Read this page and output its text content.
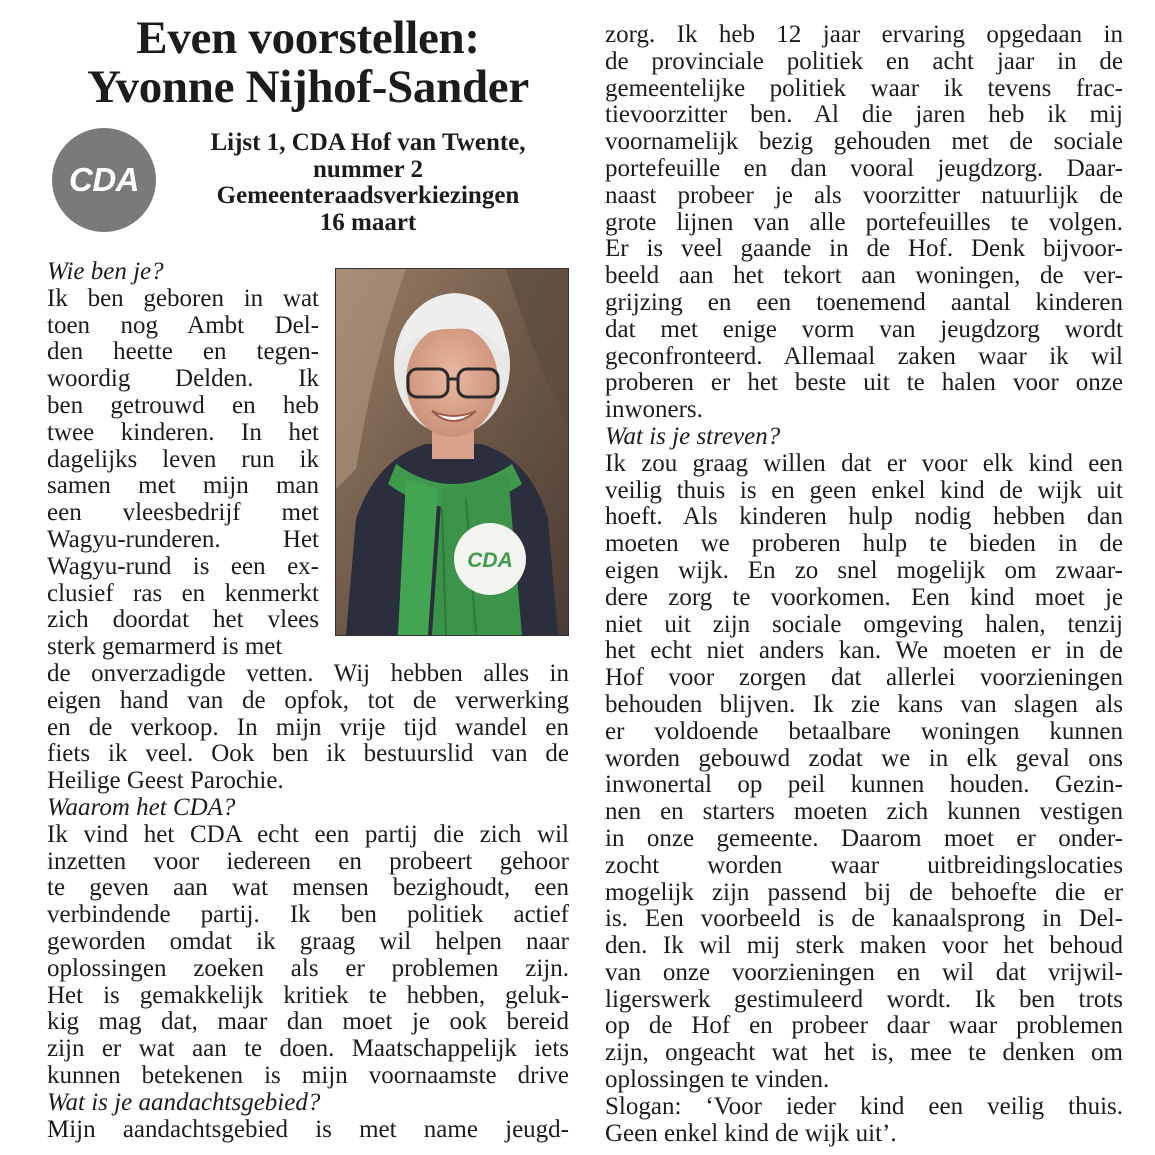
Even voorstellen:
Yvonne Nijhof-Sander
CDA
Lijst 1, CDA Hof van Twente,
nummer 2
Gemeenteraadsverkiezingen
16 maart
CDA
Wie ben je?
Ik ben geboren in wat
toen nog Ambt Del-
den heette en tegen-
woordig Delden. Ik
ben getrouwd en heb
twee kinderen. In het
dagelijks leven run ik
samen met mijn man
een vleesbedrijf met
Wagyu-runderen. Het
Wagyu-rund is een ex-
clusief ras en kenmerkt
zich doordat het vlees
sterk gemarmerd is met
de onverzadigde vetten. Wij hebben alles in
eigen hand van de opfok, tot de verwerking
en de verkoop. In mijn vrije tijd wandel en
fiets ik veel. Ook ben ik bestuurslid van de
Heilige Geest Parochie.
Waarom het CDA?
Ik vind het CDA echt een partij die zich wil
inzetten voor iedereen en probeert gehoor
te geven aan wat mensen bezighoudt, een
verbindende partij. Ik ben politiek actief
geworden omdat ik graag wil helpen naar
oplossingen zoeken als er problemen zijn.
Het is gemakkelijk kritiek te hebben, geluk-
kig mag dat, maar dan moet je ook bereid
zijn er wat aan te doen. Maatschappelijk iets
kunnen betekenen is mijn voornaamste drive
Wat is je aandachtsgebied?
Mijn aandachtsgebied is met name jeugd-
zorg. Ik heb 12 jaar ervaring opgedaan in
de provinciale politiek en acht jaar in de
gemeentelijke politiek waar ik tevens frac-
tievoorzitter ben. Al die jaren heb ik mij
voornamelijk bezig gehouden met de sociale
portefeuille en dan vooral jeugdzorg. Daar-
naast probeer je als voorzitter natuurlijk de
grote lijnen van alle portefeuilles te volgen.
Er is veel gaande in de Hof. Denk bijvoor-
beeld aan het tekort aan woningen, de ver-
grijzing en een toenemend aantal kinderen
dat met enige vorm van jeugdzorg wordt
geconfronteerd. Allemaal zaken waar ik wil
proberen er het beste uit te halen voor onze
inwoners.
Wat is je streven?
Ik zou graag willen dat er voor elk kind een
veilig thuis is en geen enkel kind de wijk uit
hoeft. Als kinderen hulp nodig hebben dan
moeten we proberen hulp te bieden in de
eigen wijk. En zo snel mogelijk om zwaar-
dere zorg te voorkomen. Een kind moet je
niet uit zijn sociale omgeving halen, tenzij
het echt niet anders kan. We moeten er in de
Hof voor zorgen dat allerlei voorzieningen
behouden blijven. Ik zie kans van slagen als
er voldoende betaalbare woningen kunnen
worden gebouwd zodat we in elk geval ons
inwonertal op peil kunnen houden. Gezin-
nen en starters moeten zich kunnen vestigen
in onze gemeente. Daarom moet er onder-
zocht worden waar uitbreidingslocaties
mogelijk zijn passend bij de behoefte die er
is. Een voorbeeld is de kanaalsprong in Del-
den. Ik wil mij sterk maken voor het behoud
van onze voorzieningen en wil dat vrijwil-
ligerswerk gestimuleerd wordt. Ik ben trots
op de Hof en probeer daar waar problemen
zijn, ongeacht wat het is, mee te denken om
oplossingen te vinden.
Slogan: ‘Voor ieder kind een veilig thuis.
Geen enkel kind de wijk uit’.
